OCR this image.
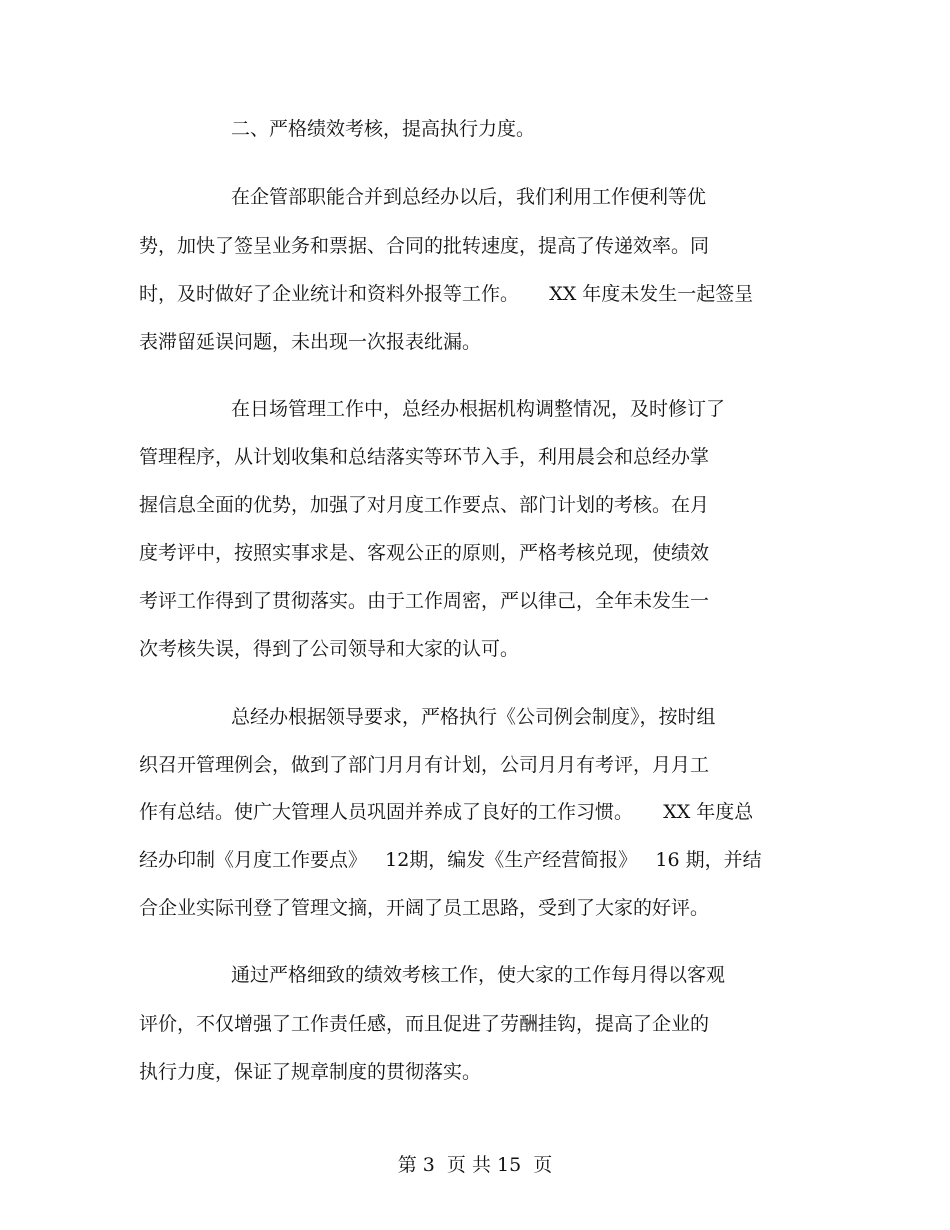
二、严格绩效考核，提高执行力度。
在企管部职能合并到总经办以后，我们利用工作便利等优
势，加快了签呈业务和票据、合同的批转速度，提高了传递效率。同
时，及时做好了企业统计和资料外报等工作。     XX 年度未发生一起签呈
表滞留延误问题，未出现一次报表纰漏。
在日场管理工作中，总经办根据机构调整情况，及时修订了
管理程序，从计划收集和总结落实等环节入手，利用晨会和总经办掌
握信息全面的优势，加强了对月度工作要点、部门计划的考核。在月
度考评中，按照实事求是、客观公正的原则，严格考核兑现，使绩效
考评工作得到了贯彻落实。由于工作周密，严以律己，全年未发生一
次考核失误，得到了公司领导和大家的认可。
总经办根据领导要求，严格执行《公司例会制度》，按时组
织召开管理例会，做到了部门月月有计划，公司月月有考评，月月工
作有总结。使广大管理人员巩固并养成了良好的工作习惯。     XX 年度总
经办印制《月度工作要点》   12期，编发《生产经营简报》   16 期，并结
合企业实际刊登了管理文摘，开阔了员工思路，受到了大家的好评。
通过严格细致的绩效考核工作，使大家的工作每月得以客观
评价，不仅增强了工作责任感，而且促进了劳酬挂钩，提高了企业的
执行力度，保证了规章制度的贯彻落实。
第 3  页 共 15  页
